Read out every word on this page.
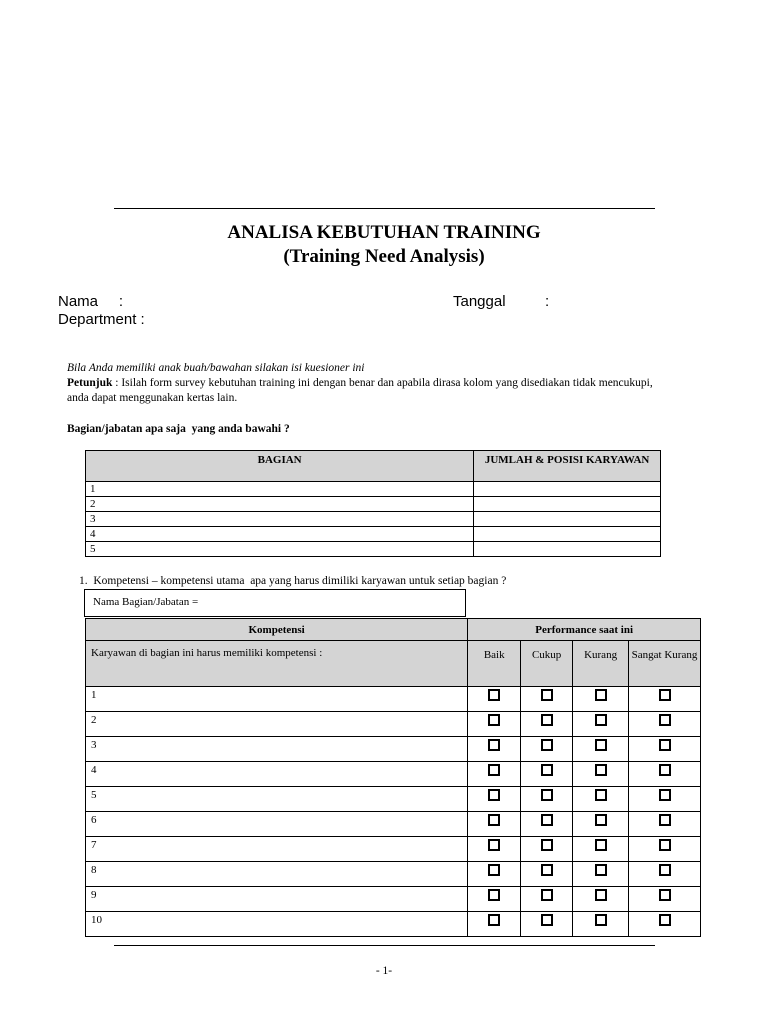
ANALISA KEBUTUHAN TRAINING
(Training Need Analysis)
Nama     :	Tanggal	:
Department :
Bila Anda memiliki anak buah/bawahan silakan isi kuesioner ini
Petunjuk : Isilah form survey kebutuhan training ini dengan benar dan apabila dirasa kolom yang disediakan tidak mencukupi, anda dapat menggunakan kertas lain.
Bagian/jabatan apa saja  yang anda bawahi ?
BAGIAN	JUMLAH & POSISI KARYAWAN
1	
2	
3	
4	
5	
1.  Kompetensi – kompetensi utama  apa yang harus dimiliki karyawan untuk setiap bagian ?
Nama Bagian/Jabatan =
Kompetensi	Performance saat ini			
Karyawan di bagian ini harus memiliki kompetensi :	Baik	Cukup	Kurang	Sangat Kurang
1				
2				
3				
4				
5				
6				
7				
8				
9				
10				
- 1-
